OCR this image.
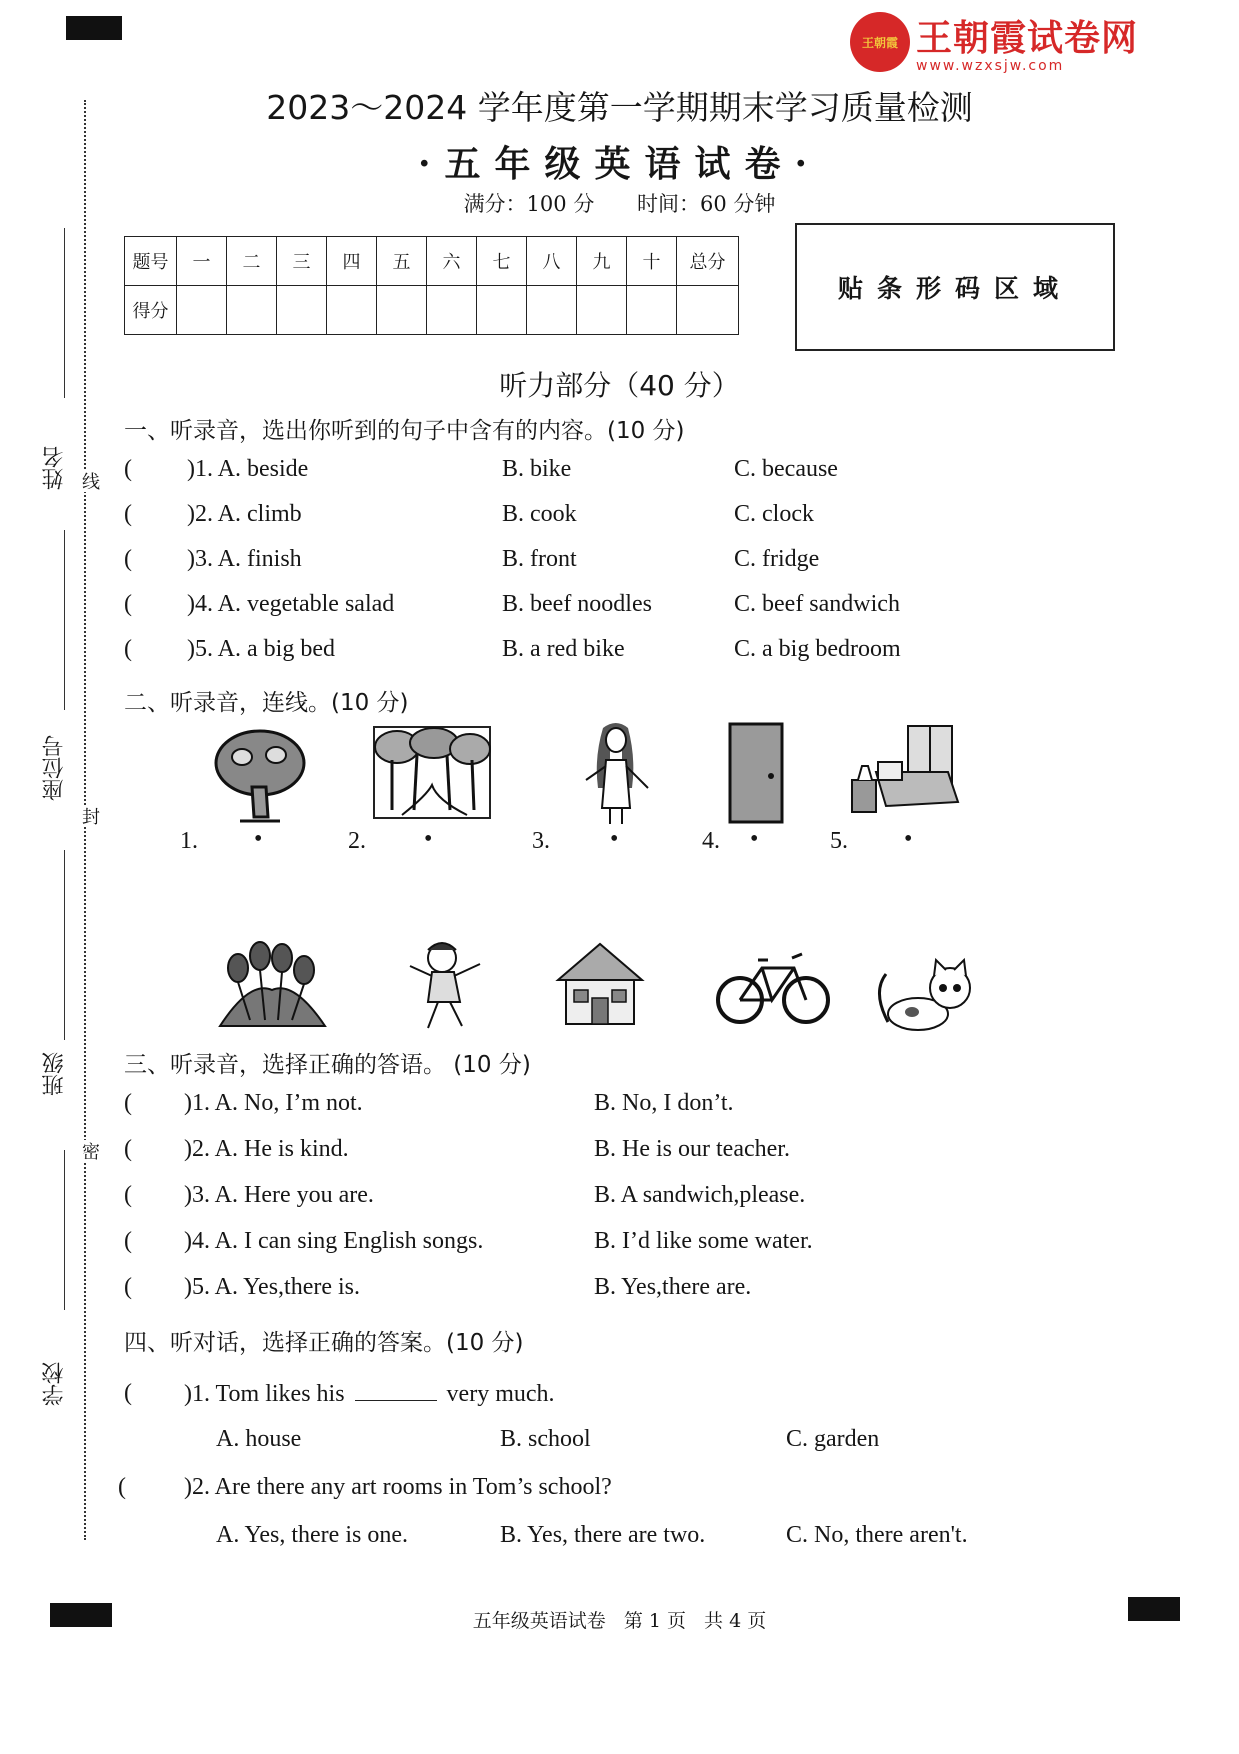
姓名 线
座位号
封
班级
密
学校
王朝霞 王朝霞试卷网
www.wzxsjw.com
2023～2024 学年度第一学期期末学习质量检测
·五年级英语试卷·
满分：100 分 时间：60 分钟
题号	一	二	三	四	五	六	七	八	九	十	总分
得分											
贴条形码区域
听力部分（40 分）
一、听录音，选出你听到的句子中含有的内容。(10 分)
( )1. A. beside	B. bike	C. because
( )2. A. climb	B. cook	C. clock
( )3. A. finish	B. front	C. fridge
( )4. A. vegetable salad	B. beef noodles	C. beef sandwich
( )5. A. a big bed	B. a red bike	C. a big bedroom
二、听录音，连线。(10 分)
1. •	2. •	3.	•	4. •	5. •
三、听录音，选择正确的答语。 (10 分)
( )1. A. No, I’m not.	B. No, I don’t.
( )2. A. He is kind.	B. He is our teacher.
( )3. A. Here you are.	B. A sandwich,please.
( )4. A. I can sing English songs.	B. I’d like some water.
( )5. A. Yes,there is.	B. Yes,there are.
四、听对话，选择正确的答案。(10 分)
( )1. Tom likes his	very much.
A. house	B. school	C. garden
( )2. Are there any art rooms in Tom’s school?
A. Yes, there is one.	B. Yes, there are two.	C. No, there aren't.
五年级英语试卷 第 1 页 共 4 页
